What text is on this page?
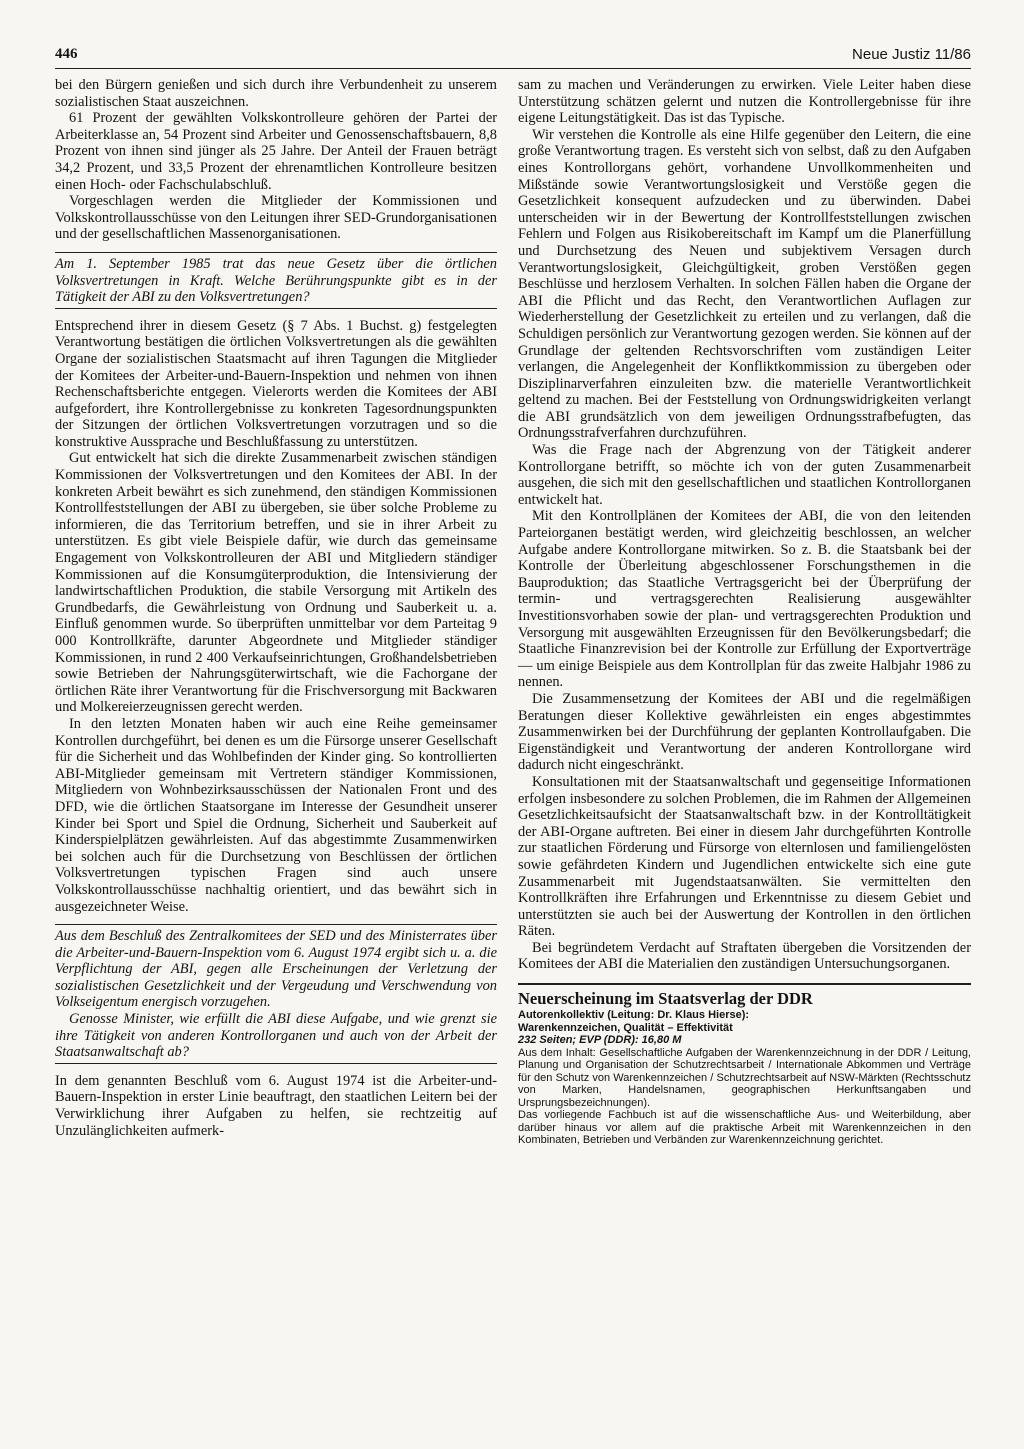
446	Neue Justiz 11/86

bei den Bürgern genießen und sich durch ihre Verbundenheit zu unserem sozialistischen Staat auszeichnen.

61 Prozent der gewählten Volkskontrolleure gehören der Partei der Arbeiterklasse an, 54 Prozent sind Arbeiter und Genossenschaftsbauern, 8,8 Prozent von ihnen sind jünger als 25 Jahre. Der Anteil der Frauen beträgt 34,2 Prozent, und 33,5 Prozent der ehrenamtlichen Kontrolleure besitzen einen Hoch- oder Fachschulabschluß.

Vorgeschlagen werden die Mitglieder der Kommissionen und Volkskontrollausschüsse von den Leitungen ihrer SED-Grundorganisationen und der gesellschaftlichen Massenorganisationen.

Am 1. September 1985 trat das neue Gesetz über die örtlichen Volksvertretungen in Kraft. Welche Berührungspunkte gibt es in der Tätigkeit der ABI zu den Volksvertretungen?

Entsprechend ihrer in diesem Gesetz (§ 7 Abs. 1 Buchst. g) festgelegten Verantwortung bestätigen die örtlichen Volksvertretungen als die gewählten Organe der sozialistischen Staatsmacht auf ihren Tagungen die Mitglieder der Komitees der Arbeiter-und-Bauern-Inspektion und nehmen von ihnen Rechenschaftsberichte entgegen. Vielerorts werden die Komitees der ABI aufgefordert, ihre Kontrollergebnisse zu konkreten Tagesordnungspunkten der Sitzungen der örtlichen Volksvertretungen vorzutragen und so die konstruktive Aussprache und Beschlußfassung zu unterstützen.

Gut entwickelt hat sich die direkte Zusammenarbeit zwischen ständigen Kommissionen der Volksvertretungen und den Komitees der ABI. In der konkreten Arbeit bewährt es sich zunehmend, den ständigen Kommissionen Kontrollfeststellungen der ABI zu übergeben, sie über solche Probleme zu informieren, die das Territorium betreffen, und sie in ihrer Arbeit zu unterstützen. Es gibt viele Beispiele dafür, wie durch das gemeinsame Engagement von Volkskontrolleuren der ABI und Mitgliedern ständiger Kommissionen auf die Konsumgüterproduktion, die Intensivierung der landwirtschaftlichen Produktion, die stabile Versorgung mit Artikeln des Grundbedarfs, die Gewährleistung von Ordnung und Sauberkeit u. a. Einfluß genommen wurde. So überprüften unmittelbar vor dem Parteitag 9 000 Kontrollkräfte, darunter Abgeordnete und Mitglieder ständiger Kommissionen, in rund 2 400 Verkaufseinrichtungen, Großhandelsbetrieben sowie Betrieben der Nahrungsgüterwirtschaft, wie die Fachorgane der örtlichen Räte ihrer Verantwortung für die Frischversorgung mit Backwaren und Molkereierzeugnissen gerecht werden.

In den letzten Monaten haben wir auch eine Reihe gemeinsamer Kontrollen durchgeführt, bei denen es um die Fürsorge unserer Gesellschaft für die Sicherheit und das Wohlbefinden der Kinder ging. So kontrollierten ABI-Mitglieder gemeinsam mit Vertretern ständiger Kommissionen, Mitgliedern von Wohnbezirksausschüssen der Nationalen Front und des DFD, wie die örtlichen Staatsorgane im Interesse der Gesundheit unserer Kinder bei Sport und Spiel die Ordnung, Sicherheit und Sauberkeit auf Kinderspielplätzen gewährleisten. Auf das abgestimmte Zusammenwirken bei solchen auch für die Durchsetzung von Beschlüssen der örtlichen Volksvertretungen typischen Fragen sind auch unsere Volkskontrollausschüsse nachhaltig orientiert, und das bewährt sich in ausgezeichneter Weise.

Aus dem Beschluß des Zentralkomitees der SED und des Ministerrates über die Arbeiter-und-Bauern-Inspektion vom 6. August 1974 ergibt sich u. a. die Verpflichtung der ABI, gegen alle Erscheinungen der Verletzung der sozialistischen Gesetzlichkeit und der Vergeudung und Verschwendung von Volkseigentum energisch vorzugehen.

Genosse Minister, wie erfüllt die ABI diese Aufgabe, und wie grenzt sie ihre Tätigkeit von anderen Kontrollorganen und auch von der Arbeit der Staatsanwaltschaft ab?

In dem genannten Beschluß vom 6. August 1974 ist die Arbeiter-und-Bauern-Inspektion in erster Linie beauftragt, den staatlichen Leitern bei der Verwirklichung ihrer Aufgaben zu helfen, sie rechtzeitig auf Unzulänglichkeiten aufmerk-

sam zu machen und Veränderungen zu erwirken. Viele Leiter haben diese Unterstützung schätzen gelernt und nutzen die Kontrollergebnisse für ihre eigene Leitungstätigkeit. Das ist das Typische.

Wir verstehen die Kontrolle als eine Hilfe gegenüber den Leitern, die eine große Verantwortung tragen. Es versteht sich von selbst, daß zu den Aufgaben eines Kontrollorgans gehört, vorhandene Unvollkommenheiten und Mißstände sowie Verantwortungslosigkeit und Verstöße gegen die Gesetzlichkeit konsequent aufzudecken und zu überwinden. Dabei unterscheiden wir in der Bewertung der Kontrollfeststellungen zwischen Fehlern und Folgen aus Risikobereitschaft im Kampf um die Planerfüllung und Durchsetzung des Neuen und subjektivem Versagen durch Verantwortungslosigkeit, Gleichgültigkeit, groben Verstößen gegen Beschlüsse und herzlosem Verhalten. In solchen Fällen haben die Organe der ABI die Pflicht und das Recht, den Verantwortlichen Auflagen zur Wiederherstellung der Gesetzlichkeit zu erteilen und zu verlangen, daß die Schuldigen persönlich zur Verantwortung gezogen werden. Sie können auf der Grundlage der geltenden Rechtsvorschriften vom zuständigen Leiter verlangen, die Angelegenheit der Konfliktkommission zu übergeben oder Disziplinarverfahren einzuleiten bzw. die materielle Verantwortlichkeit geltend zu machen. Bei der Feststellung von Ordnungswidrigkeiten verlangt die ABI grundsätzlich von dem jeweiligen Ordnungsstrafbefugten, das Ordnungsstrafverfahren durchzuführen.

Was die Frage nach der Abgrenzung von der Tätigkeit anderer Kontrollorgane betrifft, so möchte ich von der guten Zusammenarbeit ausgehen, die sich mit den gesellschaftlichen und staatlichen Kontrollorganen entwickelt hat.

Mit den Kontrollplänen der Komitees der ABI, die von den leitenden Parteiorganen bestätigt werden, wird gleichzeitig beschlossen, an welcher Aufgabe andere Kontrollorgane mitwirken. So z. B. die Staatsbank bei der Kontrolle der Überleitung abgeschlossener Forschungsthemen in die Bauproduktion; das Staatliche Vertragsgericht bei der Überprüfung der termin- und vertragsgerechten Realisierung ausgewählter Investitionsvorhaben sowie der plan- und vertragsgerechten Produktion und Versorgung mit ausgewählten Erzeugnissen für den Bevölkerungsbedarf; die Staatliche Finanzrevision bei der Kontrolle zur Erfüllung der Exportverträge — um einige Beispiele aus dem Kontrollplan für das zweite Halbjahr 1986 zu nennen.

Die Zusammensetzung der Komitees der ABI und die regelmäßigen Beratungen dieser Kollektive gewährleisten ein enges abgestimmtes Zusammenwirken bei der Durchführung der geplanten Kontrollaufgaben. Die Eigenständigkeit und Verantwortung der anderen Kontrollorgane wird dadurch nicht eingeschränkt.

Konsultationen mit der Staatsanwaltschaft und gegenseitige Informationen erfolgen insbesondere zu solchen Problemen, die im Rahmen der Allgemeinen Gesetzlichkeitsaufsicht der Staatsanwaltschaft bzw. in der Kontrolltätigkeit der ABI-Organe auftreten. Bei einer in diesem Jahr durchgeführten Kontrolle zur staatlichen Förderung und Fürsorge von elternlosen und familiengelösten sowie gefährdeten Kindern und Jugendlichen entwickelte sich eine gute Zusammenarbeit mit Jugendstaatsanwälten. Sie vermittelten den Kontrollkräften ihre Erfahrungen und Erkenntnisse zu diesem Gebiet und unterstützten sie auch bei der Auswertung der Kontrollen in den örtlichen Räten.

Bei begründetem Verdacht auf Straftaten übergeben die Vorsitzenden der Komitees der ABI die Materialien den zuständigen Untersuchungsorganen.

Neuerscheinung im Staatsverlag der DDR

Autorenkollektiv (Leitung: Dr. Klaus Hierse):

Warenkennzeichen, Qualität – Effektivität

232 Seiten; EVP (DDR): 16,80 M

Aus dem Inhalt: Gesellschaftliche Aufgaben der Warenkennzeichnung in der DDR / Leitung, Planung und Organisation der Schutzrechtsarbeit / Internationale Abkommen und Verträge für den Schutz von Warenkennzeichen / Schutzrechtsarbeit auf NSW-Märkten (Rechtsschutz von Marken, Handelsnamen, geographischen Herkunftsangaben und Ursprungsbezeichnungen).

Das vorliegende Fachbuch ist auf die wissenschaftliche Aus- und Weiterbildung, aber darüber hinaus vor allem auf die praktische Arbeit mit Warenkennzeichen in den Kombinaten, Betrieben und Verbänden zur Warenkennzeichnung gerichtet.
